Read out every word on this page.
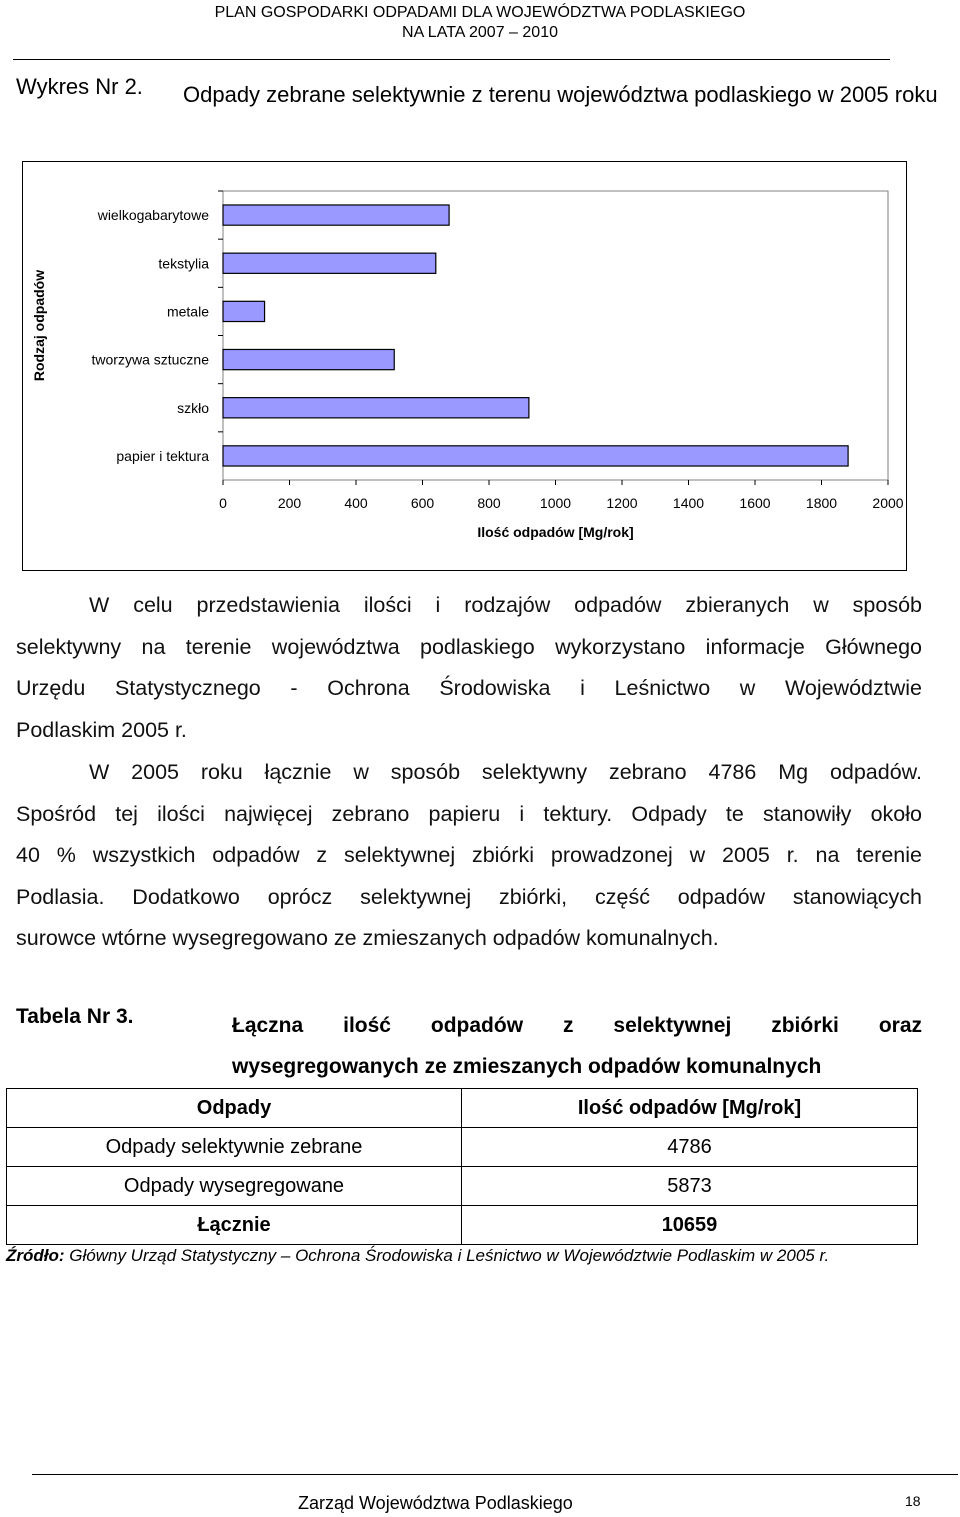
PLAN GOSPODARKI ODPADAMI DLA WOJEWÓDZTWA PODLASKIEGO
NA LATA 2007 – 2010
Wykres Nr 2. Odpady zebrane selektywnie z terenu województwa podlaskiego w 2005 roku
wielkogabarytowe
tekstylia
metale
tworzywa sztuczne
szkło
papier i tektura
0	200	400	600	800	1000	1200	1400	1600	1800	2000
Ilość odpadów [Mg/rok]
Rodzaj odpadów
W celu przedstawienia ilości i rodzajów odpadów zbieranych w sposób
selektywny na terenie województwa podlaskiego wykorzystano informacje Głównego
Urzędu Statystycznego - Ochrona Środowiska i Leśnictwo w Województwie
Podlaskim 2005 r.
W 2005 roku łącznie w sposób selektywny zebrano 4786 Mg odpadów.
Spośród tej ilości najwięcej zebrano papieru i tektury. Odpady te stanowiły około
40 % wszystkich odpadów z selektywnej zbiórki prowadzonej w 2005 r. na terenie
Podlasia. Dodatkowo oprócz selektywnej zbiórki, część odpadów stanowiących
surowce wtórne wysegregowano ze zmieszanych odpadów komunalnych.
Tabela Nr 3.	Łączna ilość odpadów z selektywnej zbiórki oraz
wysegregowanych ze zmieszanych odpadów komunalnych
Odpady	Ilość odpadów [Mg/rok]
Odpady selektywnie zebrane	4786
Odpady wysegregowane	5873
Łącznie	10659
Źródło: Główny Urząd Statystyczny – Ochrona Środowiska i Leśnictwo w Województwie Podlaskim w 2005 r.
Zarząd Województwa Podlaskiego	18
